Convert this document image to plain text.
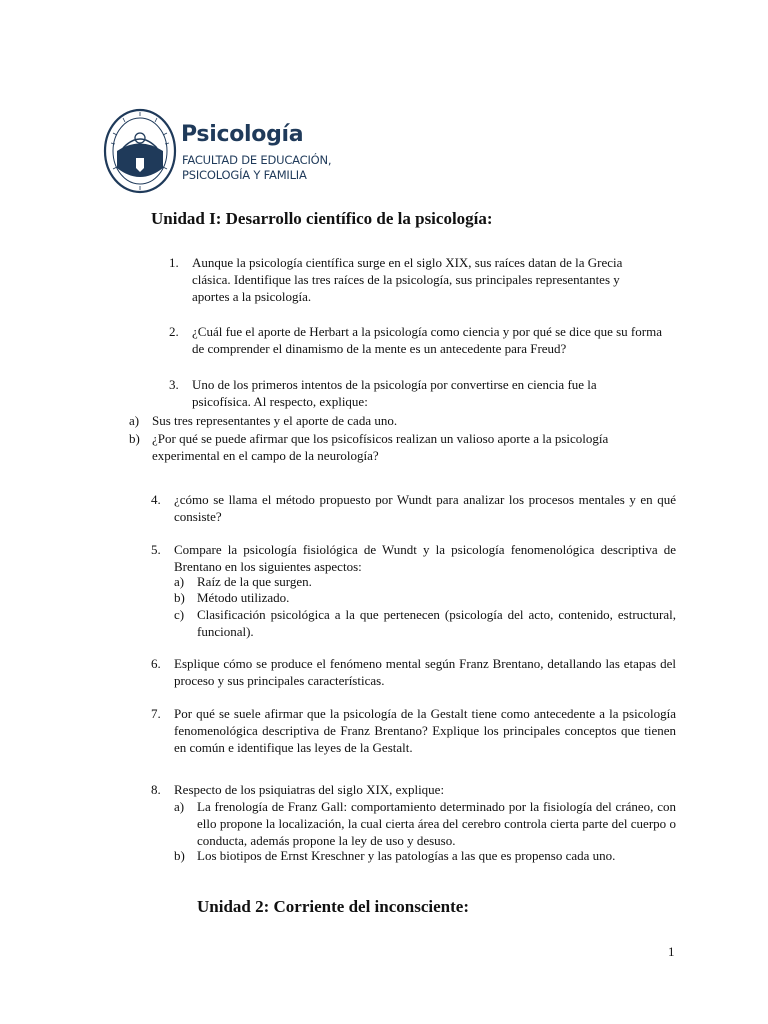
Psicología
FACULTAD DE EDUCACIÓN,
PSICOLOGÍA Y FAMILIA
Unidad I: Desarrollo científico de la psicología:
1. Aunque la psicología científica surge en el siglo XIX, sus raíces datan de la Grecia clásica. Identifique las tres raíces de la psicología, sus principales representantes y aportes a la psicología.
2. ¿Cuál fue el aporte de Herbart a la psicología como ciencia y por qué se dice que su forma de comprender el dinamismo de la mente es un antecedente para Freud?
3. Uno de los primeros intentos de la psicología por convertirse en ciencia fue la psicofísica. Al respecto, explique:
a) Sus tres representantes y el aporte de cada uno.
b) ¿Por qué se puede afirmar que los psicofísicos realizan un valioso aporte a la psicología experimental en el campo de la neurología?
4. ¿cómo se llama el método propuesto por Wundt para analizar los procesos mentales y en qué consiste?
5. Compare la psicología fisiológica de Wundt y la psicología fenomenológica descriptiva de Brentano en los siguientes aspectos:
a) Raíz de la que surgen.
b) Método utilizado.
c) Clasificación psicológica a la que pertenecen (psicología del acto, contenido, estructural, funcional).
6. Esplique cómo se produce el fenómeno mental según Franz Brentano, detallando las etapas del proceso y sus principales características.
7. Por qué se suele afirmar que la psicología de la Gestalt tiene como antecedente a la psicología fenomenológica descriptiva de Franz Brentano? Explique los principales conceptos que tienen en común e identifique las leyes de la Gestalt.
8. Respecto de los psiquiatras del siglo XIX, explique:
a) La frenología de Franz Gall: comportamiento determinado por la fisiología del cráneo, con ello propone la localización, la cual cierta área del cerebro controla cierta parte del cuerpo o conducta, además propone la ley de uso y desuso.
b) Los biotipos de Ernst Kreschner y las patologías a las que es propenso cada uno.
Unidad 2: Corriente del inconsciente:
1
